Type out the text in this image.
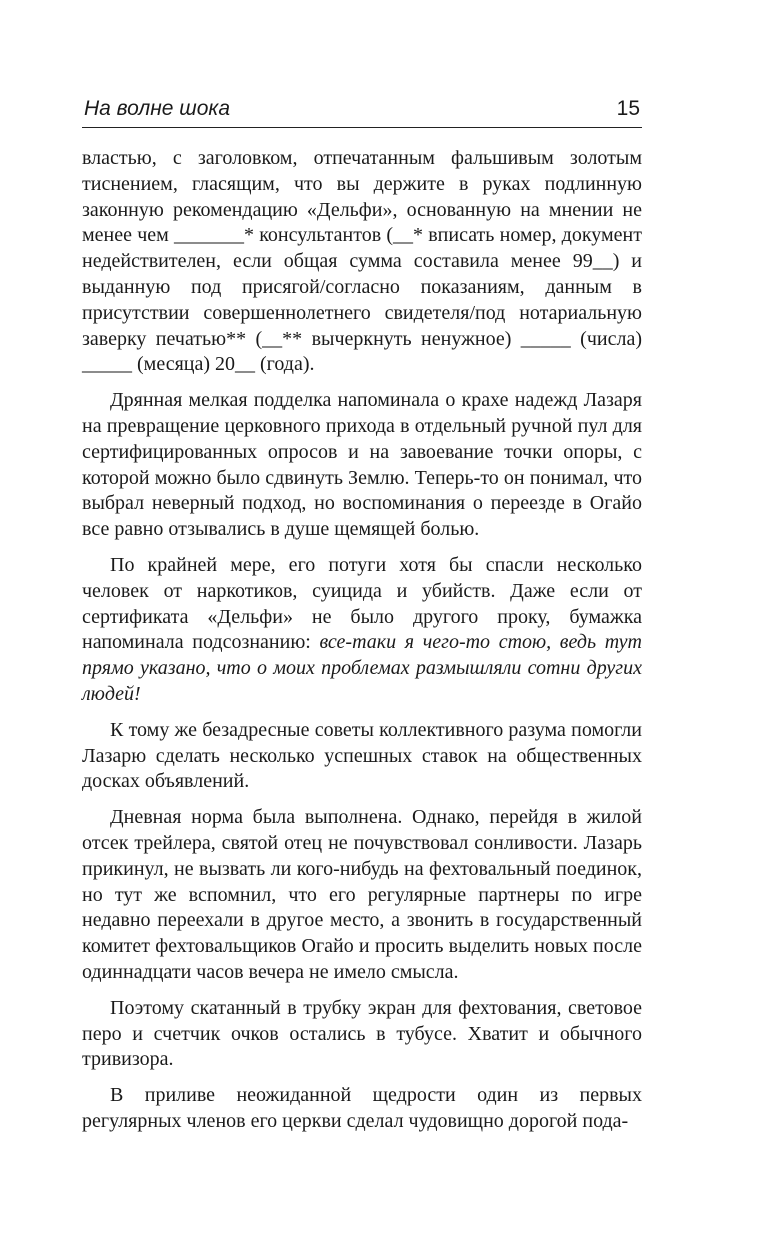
На волне шока	15

властью, с заголовком, отпечатанным фальшивым золотым тиснением, гласящим, что вы держите в руках подлинную законную рекомендацию «Дельфи», основанную на мнении не менее чем _______* консультантов (__* вписать номер, документ недействителен, если общая сумма составила менее 99__) и выданную под присягой/согласно показаниям, данным в присутствии совершеннолетнего свидетеля/под нотариальную заверку печатью** (__** вычеркнуть ненужное) _____ (числа) _____ (месяца) 20__ (года).

Дрянная мелкая подделка напоминала о крахе надежд Лазаря на превращение церковного прихода в отдельный ручной пул для сертифицированных опросов и на завоевание точки опоры, с которой можно было сдвинуть Землю. Теперь-то он понимал, что выбрал неверный подход, но воспоминания о переезде в Огайо все равно отзывались в душе щемящей болью.

По крайней мере, его потуги хотя бы спасли несколько человек от наркотиков, суицида и убийств. Даже если от сертификата «Дельфи» не было другого проку, бумажка напоминала подсознанию: все-таки я чего-то стою, ведь тут прямо указано, что о моих проблемах размышляли сотни других людей!

К тому же безадресные советы коллективного разума помогли Лазарю сделать несколько успешных ставок на общественных досках объявлений.

Дневная норма была выполнена. Однако, перейдя в жилой отсек трейлера, святой отец не почувствовал сонливости. Лазарь прикинул, не вызвать ли кого-нибудь на фехтовальный поединок, но тут же вспомнил, что его регулярные партнеры по игре недавно переехали в другое место, а звонить в государственный комитет фехтовальщиков Огайо и просить выделить новых после одиннадцати часов вечера не имело смысла.

Поэтому скатанный в трубку экран для фехтования, световое перо и счетчик очков остались в тубусе. Хватит и обычного тривизора.

В приливе неожиданной щедрости один из первых регулярных членов его церкви сделал чудовищно дорогой пода-
